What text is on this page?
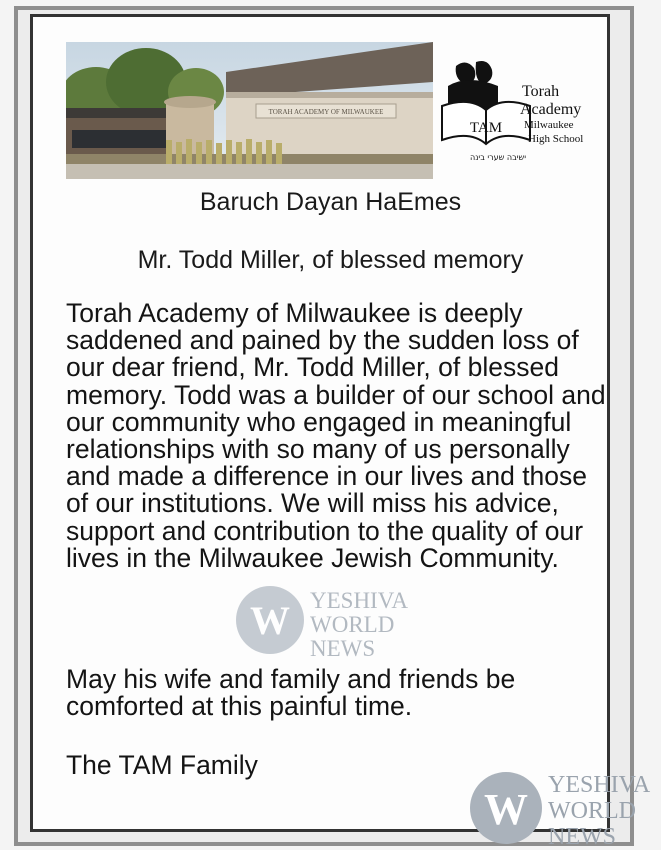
TORAH ACADEMY OF MILWAUKEE
TAM
Torah
Academy
Milwaukee
High School
ישיבה שערי בינה
Baruch Dayan HaEmes
Mr. Todd Miller, of blessed memory

Torah Academy of Milwaukee is deeply saddened and pained by the sudden loss of our dear friend, Mr. Todd Miller, of blessed memory. Todd was a builder of our school and our community who engaged in meaningful relationships with so many of us personally and made a difference in our lives and those of our institutions. We will miss his advice, support and contribution to the quality of our lives in the Milwaukee Jewish Community.

May his wife and family and friends be comforted at this painful time.

The TAM Family

W YESHIVA
WORLD
NEWS
W YESHIVA
WORLD
NEWS
